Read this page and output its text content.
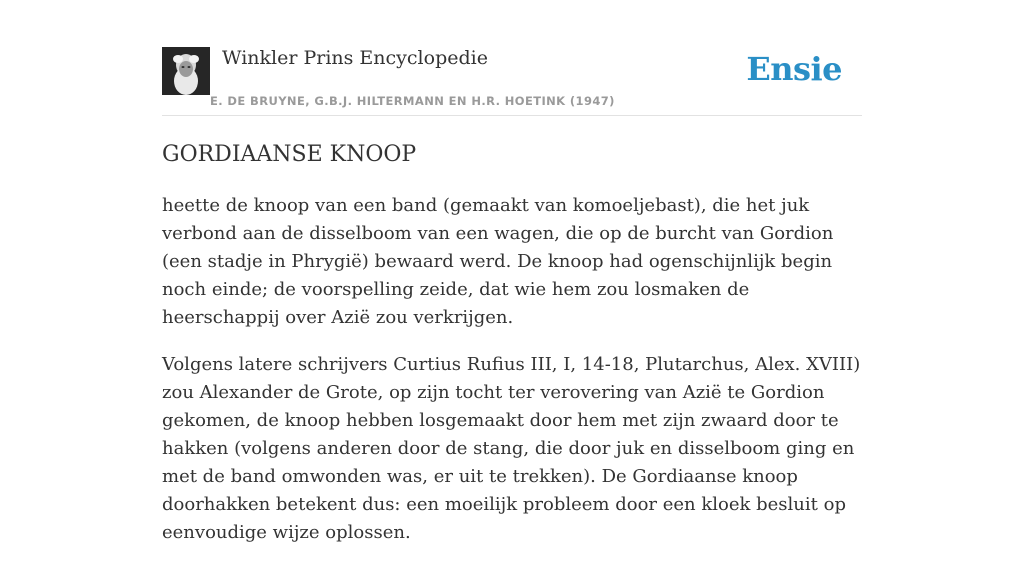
Winkler Prins Encyclopedie
E. DE BRUYNE, G.B.J. HILTERMANN EN H.R. HOETINK (1947)
Ensie
GORDIAANSE KNOOP

heette de knoop van een band (gemaakt van komoeljebast), die het juk verbond aan de disselboom van een wagen, die op de burcht van Gordion (een stadje in Phrygië) bewaard werd. De knoop had ogenschijnlijk begin noch einde; de voorspelling zeide, dat wie hem zou losmaken de heerschappij over Azië zou verkrijgen.

Volgens latere schrijvers Curtius Rufius III, I, 14-18, Plutarchus, Alex. XVIII) zou Alexander de Grote, op zijn tocht ter verovering van Azië te Gordion gekomen, de knoop hebben losgemaakt door hem met zijn zwaard door te hakken (volgens anderen door de stang, die door juk en disselboom ging en met de band omwonden was, er uit te trekken). De Gordiaanse knoop doorhakken betekent dus: een moeilijk probleem door een kloek besluit op eenvoudige wijze oplossen.
